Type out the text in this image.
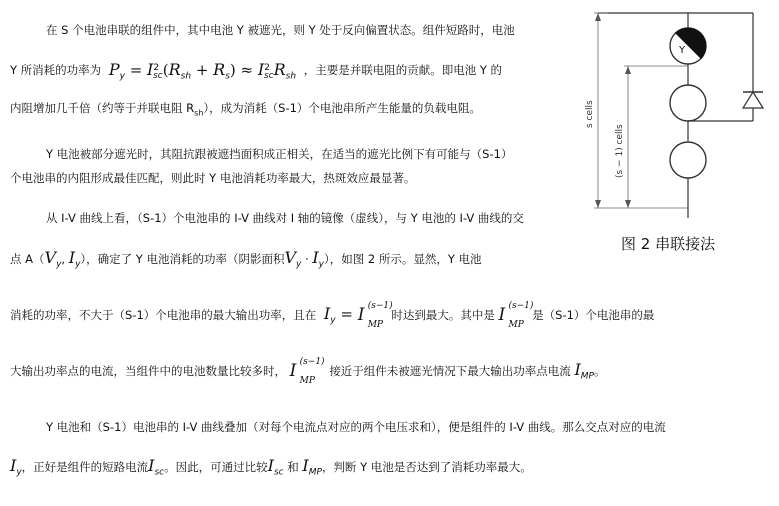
在 S 个电池串联的组件中，其中电池 Y 被遮光，则 Y 处于反向偏置状态。组件短路时，电池
Y 所消耗的功率为 $P_y = I^2_{sc}(R_{sh} + R_s) \approx I^2_{sc}R_{sh}$ ，主要是并联电阻的贡献。即电池 Y 的
内阻增加几千倍（约等于并联电阻 $R_{sh}$），成为消耗（S-1）个电池串所产生能量的负载电阻。
Y 电池被部分遮光时，其阻抗跟被遮挡面积成正相关，在适当的遮光比例下有可能与（S-1）
个电池串的内阻形成最佳匹配，则此时 Y 电池消耗功率最大，热斑效应最显著。
从 I-V 曲线上看，（S-1）个电池串的 I-V 曲线对 I 轴的镜像（虚线），与 Y 电池的 I-V 曲线的交
点 $A(V_y$, $I_y$），确定了 Y 电池消耗的功率（阴影面积$V_y \cdot I_y$），如图 2 所示。显然，Y 电池
消耗的功率，不大于（S-1）个电池串的最大输出功率，且在 $I_y = I$ (s−1)
MP
时达到最大。其中是 I (s−1)
MP
是（S-1）个电池串的最
大输出功率点的电流，当组件中的电池数量比较多时， I (s−1)
MP
接近于组件未被遮光情况下最大输出功率点电流 $I_{MP}$。
Y 电池和（S-1）电池串的 I-V 曲线叠加（对每个电流点对应的两个电压求和），便是组件的 I-V 曲线。那么交点对应的电流
$I_y$，正好是组件的短路电流$I_{sc}$。因此，可通过比较$I_{sc}$ 和 $I_{MP}$，判断 Y 电池是否达到了消耗功率最大。
s cells
(s − 1) cells
Y
图 2 串联接法
